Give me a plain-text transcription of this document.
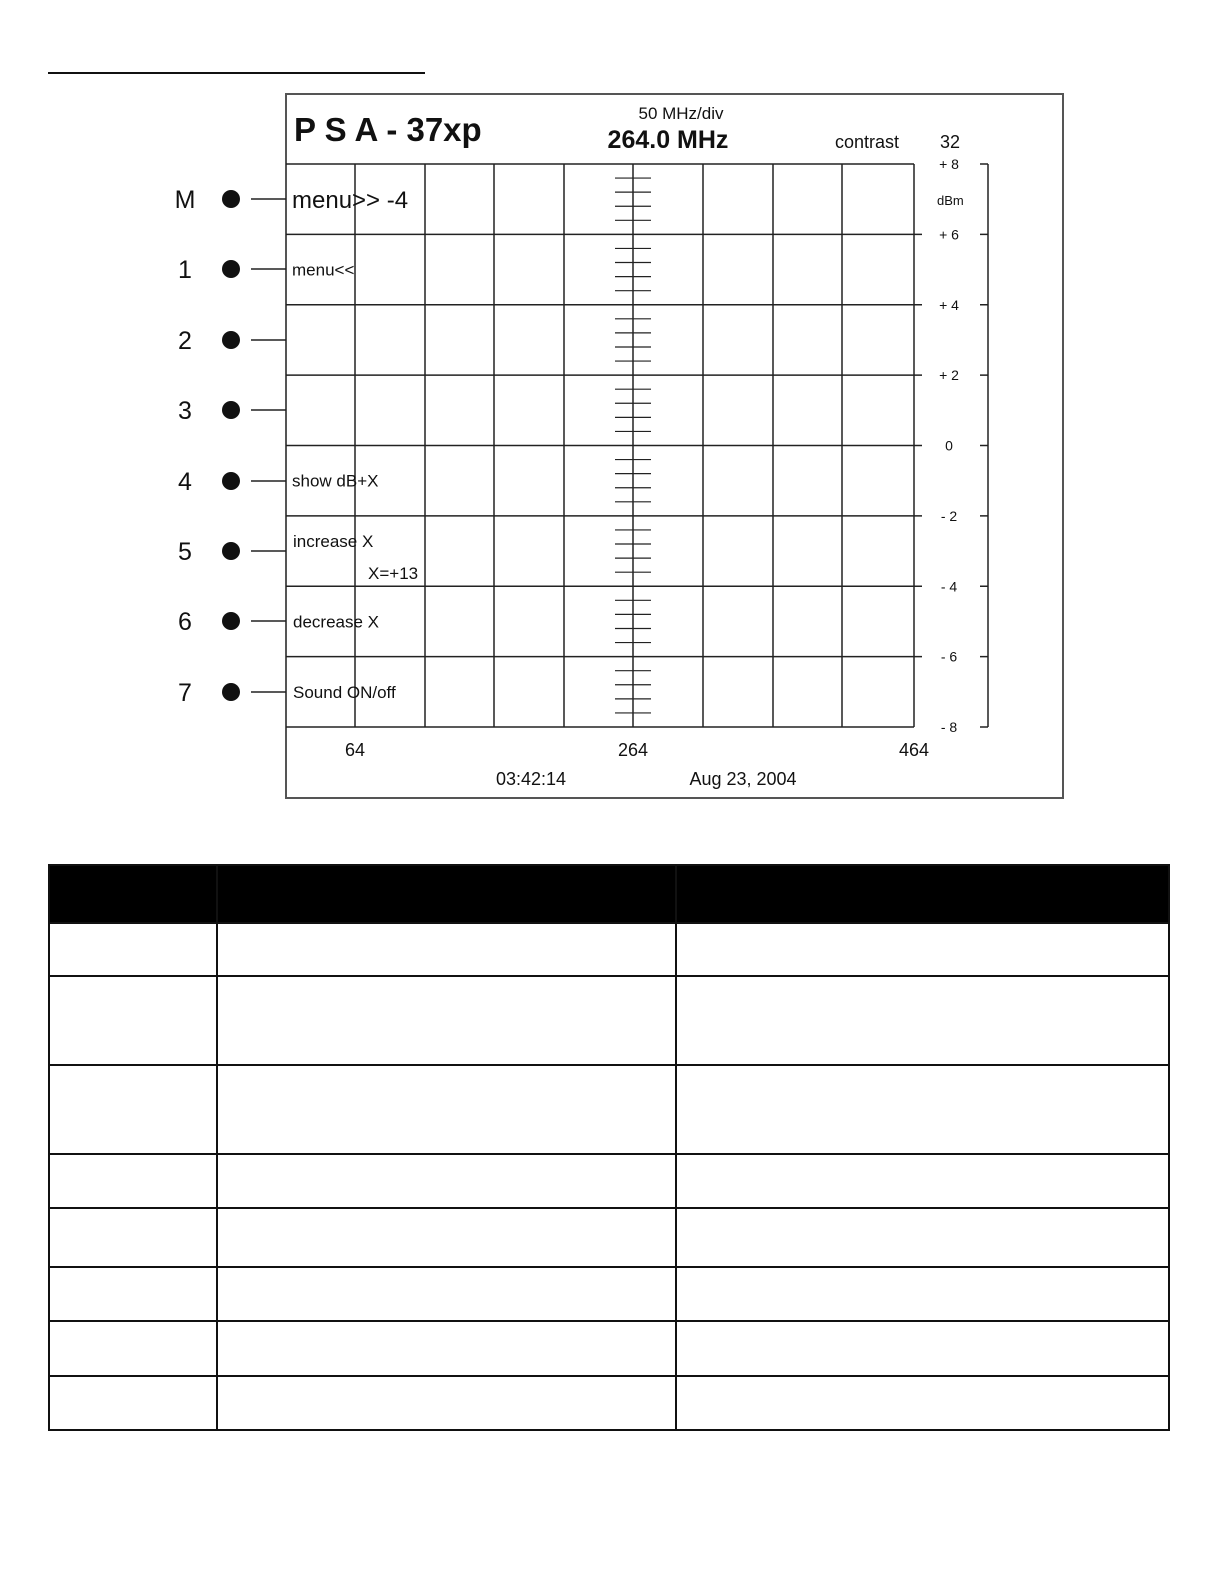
P S A - 37xp	50 MHz/div
264.0 MHz	contrast 32
dBm
+ 8
+ 6
+ 4
+ 2
0
- 2
- 4
- 6
- 8
menu>> -4
menu<<
show dB+X
increase X
decrease X
Sound ON/off
X=+13
M
1
2
3
4
5
6
7
64	264	464
03:42:14	Aug 23, 2004
